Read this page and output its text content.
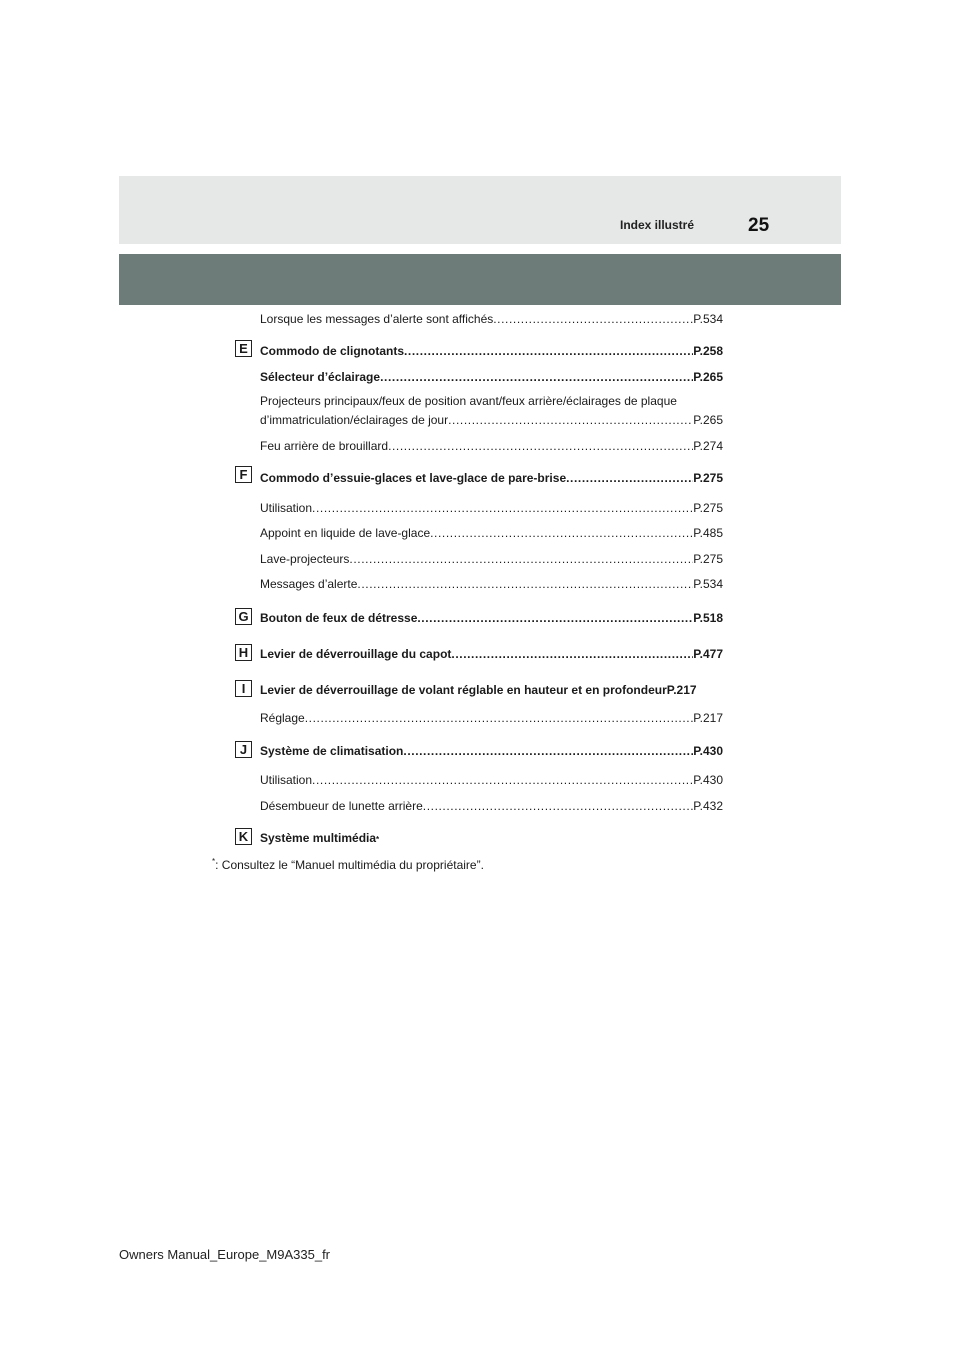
Index illustré	25
Lorsque les messages d’alerte sont affichés .....	P.534
E	Commodo de clignotants .....	P.258
Sélecteur d’éclairage .....	P.265
Projecteurs principaux/feux de position avant/feux arrière/éclairages de plaque
d’immatriculation/éclairages de jour .....	P.265
Feu arrière de brouillard .....	P.274
F	Commodo d’essuie-glaces et lave-glace de pare-brise .....	P.275
Utilisation .....	P.275
Appoint en liquide de lave-glace .....	P.485
Lave-projecteurs .....	P.275
Messages d’alerte .....	P.534
G Bouton de feux de détresse .....	P.518
H Levier de déverrouillage du capot .....	P.477
I	Levier de déverrouillage de volant réglable en hauteur et en profondeur P.217
Réglage .....	P.217
J	Système de climatisation .....	P.430
Utilisation .....	P.430
Désembueur de lunette arrière .....	P.432
K Système multimédia *
*: Consultez le “Manuel multimédia du propriétaire”.
Owners Manual_Europe_M9A335_fr
